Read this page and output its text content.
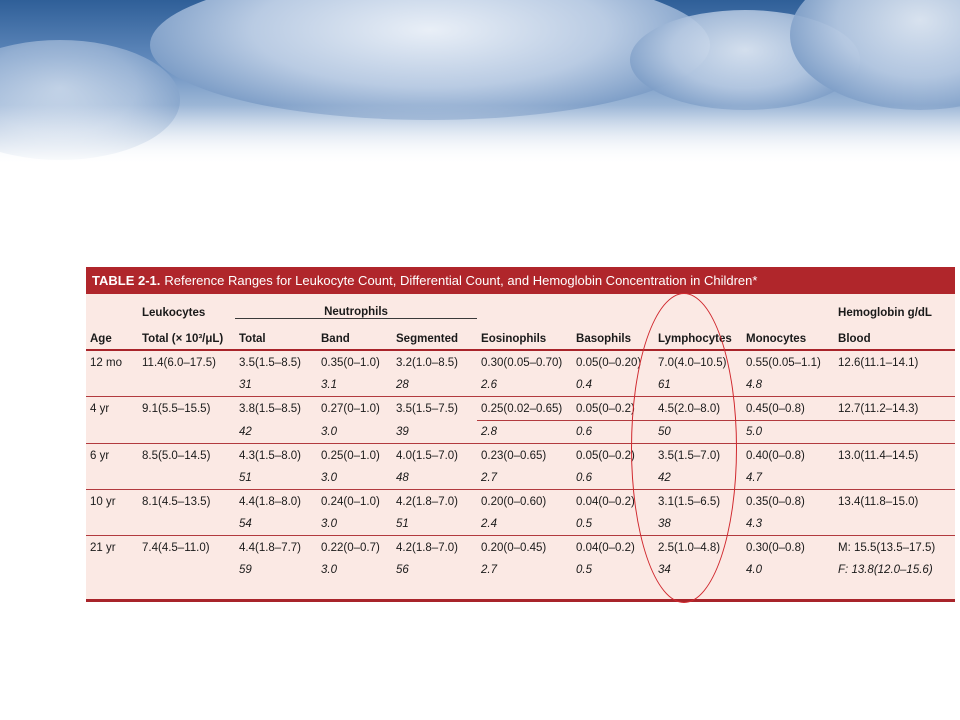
TABLE 2-1. Reference Ranges for Leukocyte Count, Differential Count, and Hemoglobin Concentration in Children*
	Leukocytes	Neutrophils							Hemoglobin g/dL
Age	Total (× 10³/μL)	Total	Band	Segmented	Eosinophils	Basophils	Lymphocytes	Monocytes	Blood
12 mo	11.4(6.0–17.5)	3.5(1.5–8.5)	0.35(0–1.0)	3.2(1.0–8.5)	0.30(0.05–0.70)	0.05(0–0.20)	7.0(4.0–10.5)	0.55(0.05–1.1)	12.6(11.1–14.1)
		31	3.1	28	2.6	0.4	61	4.8	
4 yr	9.1(5.5–15.5)	3.8(1.5–8.5)	0.27(0–1.0)	3.5(1.5–7.5)	0.25(0.02–0.65)	0.05(0–0.2)	4.5(2.0–8.0)	0.45(0–0.8)	12.7(11.2–14.3)
		42	3.0	39	2.8	0.6	50	5.0	
6 yr	8.5(5.0–14.5)	4.3(1.5–8.0)	0.25(0–1.0)	4.0(1.5–7.0)	0.23(0–0.65)	0.05(0–0.2)	3.5(1.5–7.0)	0.40(0–0.8)	13.0(11.4–14.5)
		51	3.0	48	2.7	0.6	42	4.7	
10 yr	8.1(4.5–13.5)	4.4(1.8–8.0)	0.24(0–1.0)	4.2(1.8–7.0)	0.20(0–0.60)	0.04(0–0.2)	3.1(1.5–6.5)	0.35(0–0.8)	13.4(11.8–15.0)
		54	3.0	51	2.4	0.5	38	4.3	
21 yr	7.4(4.5–11.0)	4.4(1.8–7.7)	0.22(0–0.7)	4.2(1.8–7.0)	0.20(0–0.45)	0.04(0–0.2)	2.5(1.0–4.8)	0.30(0–0.8)	M: 15.5(13.5–17.5)
		59	3.0	56	2.7	0.5	34	4.0	F: 13.8(12.0–15.6)
